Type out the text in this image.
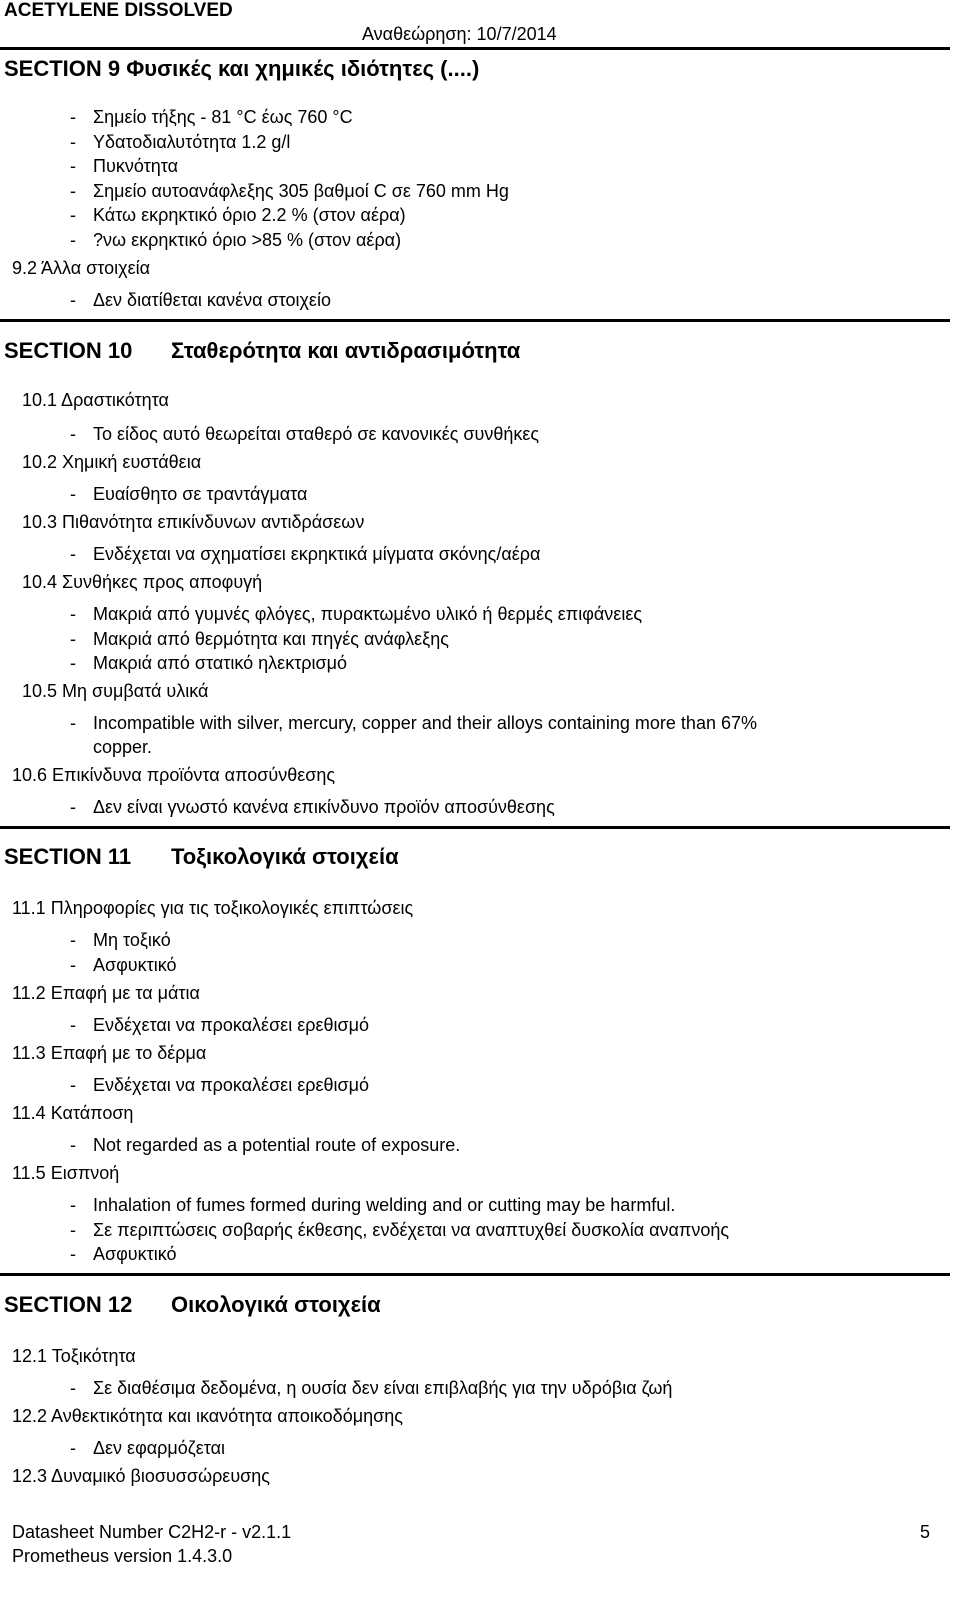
ACETYLENE DISSOLVED
Αναθεώρηση: 10/7/2014
SECTION 9 Φυσικές και χημικές ιδιότητες (....)
- Σημείο τήξης - 81 °C έως 760 °C
- Υδατοδιαλυτότητα 1.2 g/l
- Πυκνότητα
- Σημείο αυτοανάφλεξης 305 βαθμοί C σε 760 mm Hg
- Κάτω εκρηκτικό όριο 2.2 % (στον αέρα)
- ?νω εκρηκτικό όριο >85 % (στον αέρα)
9.2 Άλλα στοιχεία
- Δεν διατίθεται κανένα στοιχείο
SECTION 10 Σταθερότητα και αντιδρασιμότητα
10.1 Δραστικότητα
- Το είδος αυτό θεωρείται σταθερό σε κανονικές συνθήκες
10.2 Χημική ευστάθεια
- Ευαίσθητο σε τραντάγματα
10.3 Πιθανότητα επικίνδυνων αντιδράσεων
- Ενδέχεται να σχηματίσει εκρηκτικά μίγματα σκόνης/αέρα
10.4 Συνθήκες προς αποφυγή
- Μακριά από γυμνές φλόγες, πυρακτωμένο υλικό ή θερμές επιφάνειες
- Μακριά από θερμότητα και πηγές ανάφλεξης
- Μακριά από στατικό ηλεκτρισμό
10.5 Μη συμβατά υλικά
- Incompatible with silver, mercury, copper and their alloys containing more than 67%
copper.
10.6 Επικίνδυνα προϊόντα αποσύνθεσης
- Δεν είναι γνωστό κανένα επικίνδυνο προϊόν αποσύνθεσης
SECTION 11 Τοξικολογικά στοιχεία
11.1 Πληροφορίες για τις τοξικολογικές επιπτώσεις
- Μη τοξικό
- Ασφυκτικό
11.2 Επαφή με τα μάτια
- Ενδέχεται να προκαλέσει ερεθισμό
11.3 Επαφή με το δέρμα
- Ενδέχεται να προκαλέσει ερεθισμό
11.4 Κατάποση
- Not regarded as a potential route of exposure.
11.5 Εισπνοή
- Inhalation of fumes formed during welding and or cutting may be harmful.
- Σε περιπτώσεις σοβαρής έκθεσης, ενδέχεται να αναπτυχθεί δυσκολία αναπνοής
- Ασφυκτικό
SECTION 12 Οικολογικά στοιχεία
12.1 Τοξικότητα
- Σε διαθέσιμα δεδομένα, η ουσία δεν είναι επιβλαβής για την υδρόβια ζωή
12.2 Ανθεκτικότητα και ικανότητα αποικοδόμησης
- Δεν εφαρμόζεται
12.3 Δυναμικό βιοσυσσώρευσης
Datasheet Number C2H2-r - v2.1.1	5
Prometheus version 1.4.3.0
